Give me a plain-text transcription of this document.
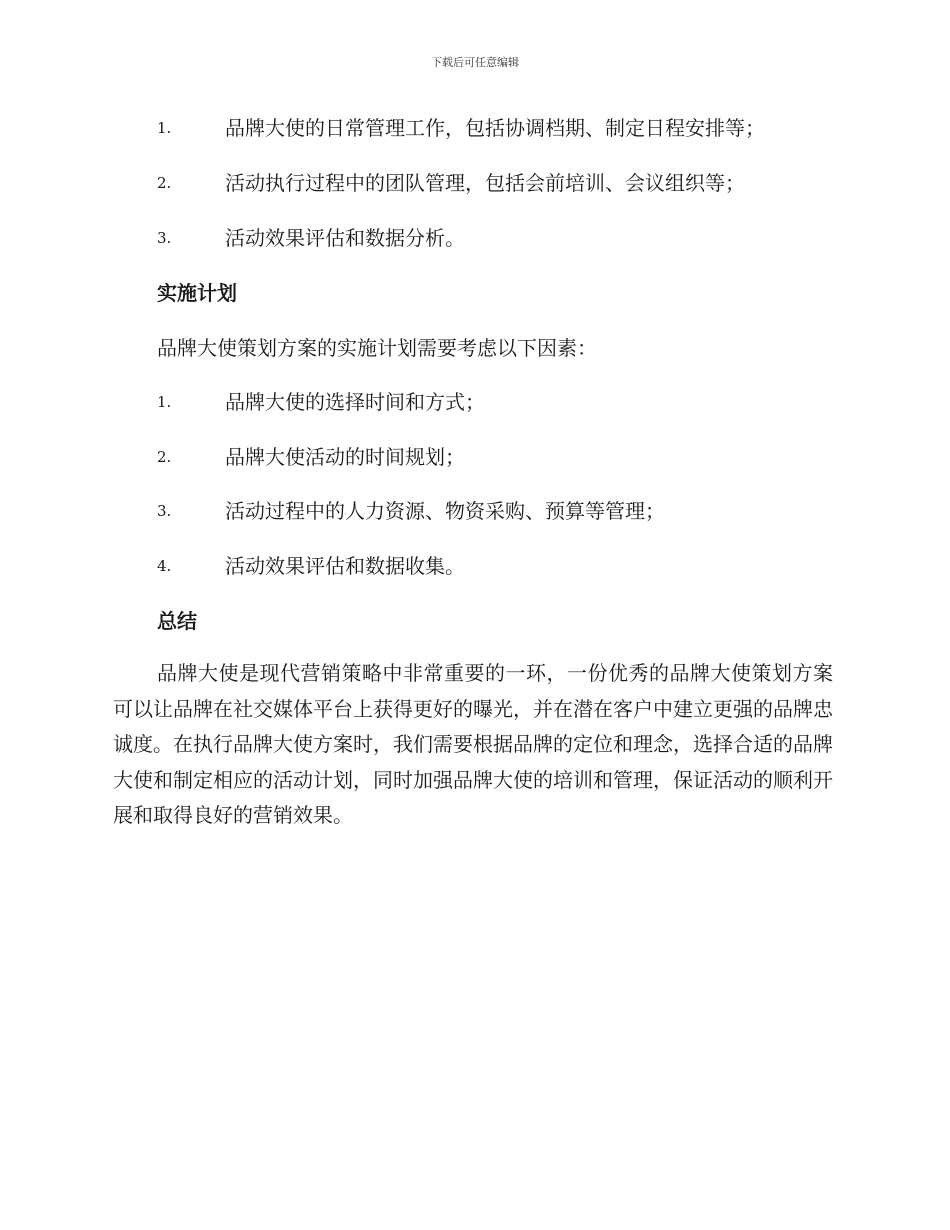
下载后可任意编辑
1.	品牌大使的日常管理工作，包括协调档期、制定日程安排等；
2.	活动执行过程中的团队管理，包括会前培训、会议组织等；
3.	活动效果评估和数据分析。
实施计划
品牌大使策划方案的实施计划需要考虑以下因素：
1.	品牌大使的选择时间和方式；
2.	品牌大使活动的时间规划；
3.	活动过程中的人力资源、物资采购、预算等管理；
4.	活动效果评估和数据收集。
总结
品牌大使是现代营销策略中非常重要的一环，一份优秀的品牌大使策划方案可以让品牌在社交媒体平台上获得更好的曝光，并在潜在客户中建立更强的品牌忠诚度。在执行品牌大使方案时，我们需要根据品牌的定位和理念，选择合适的品牌大使和制定相应的活动计划，同时加强品牌大使的培训和管理，保证活动的顺利开展和取得良好的营销效果。
